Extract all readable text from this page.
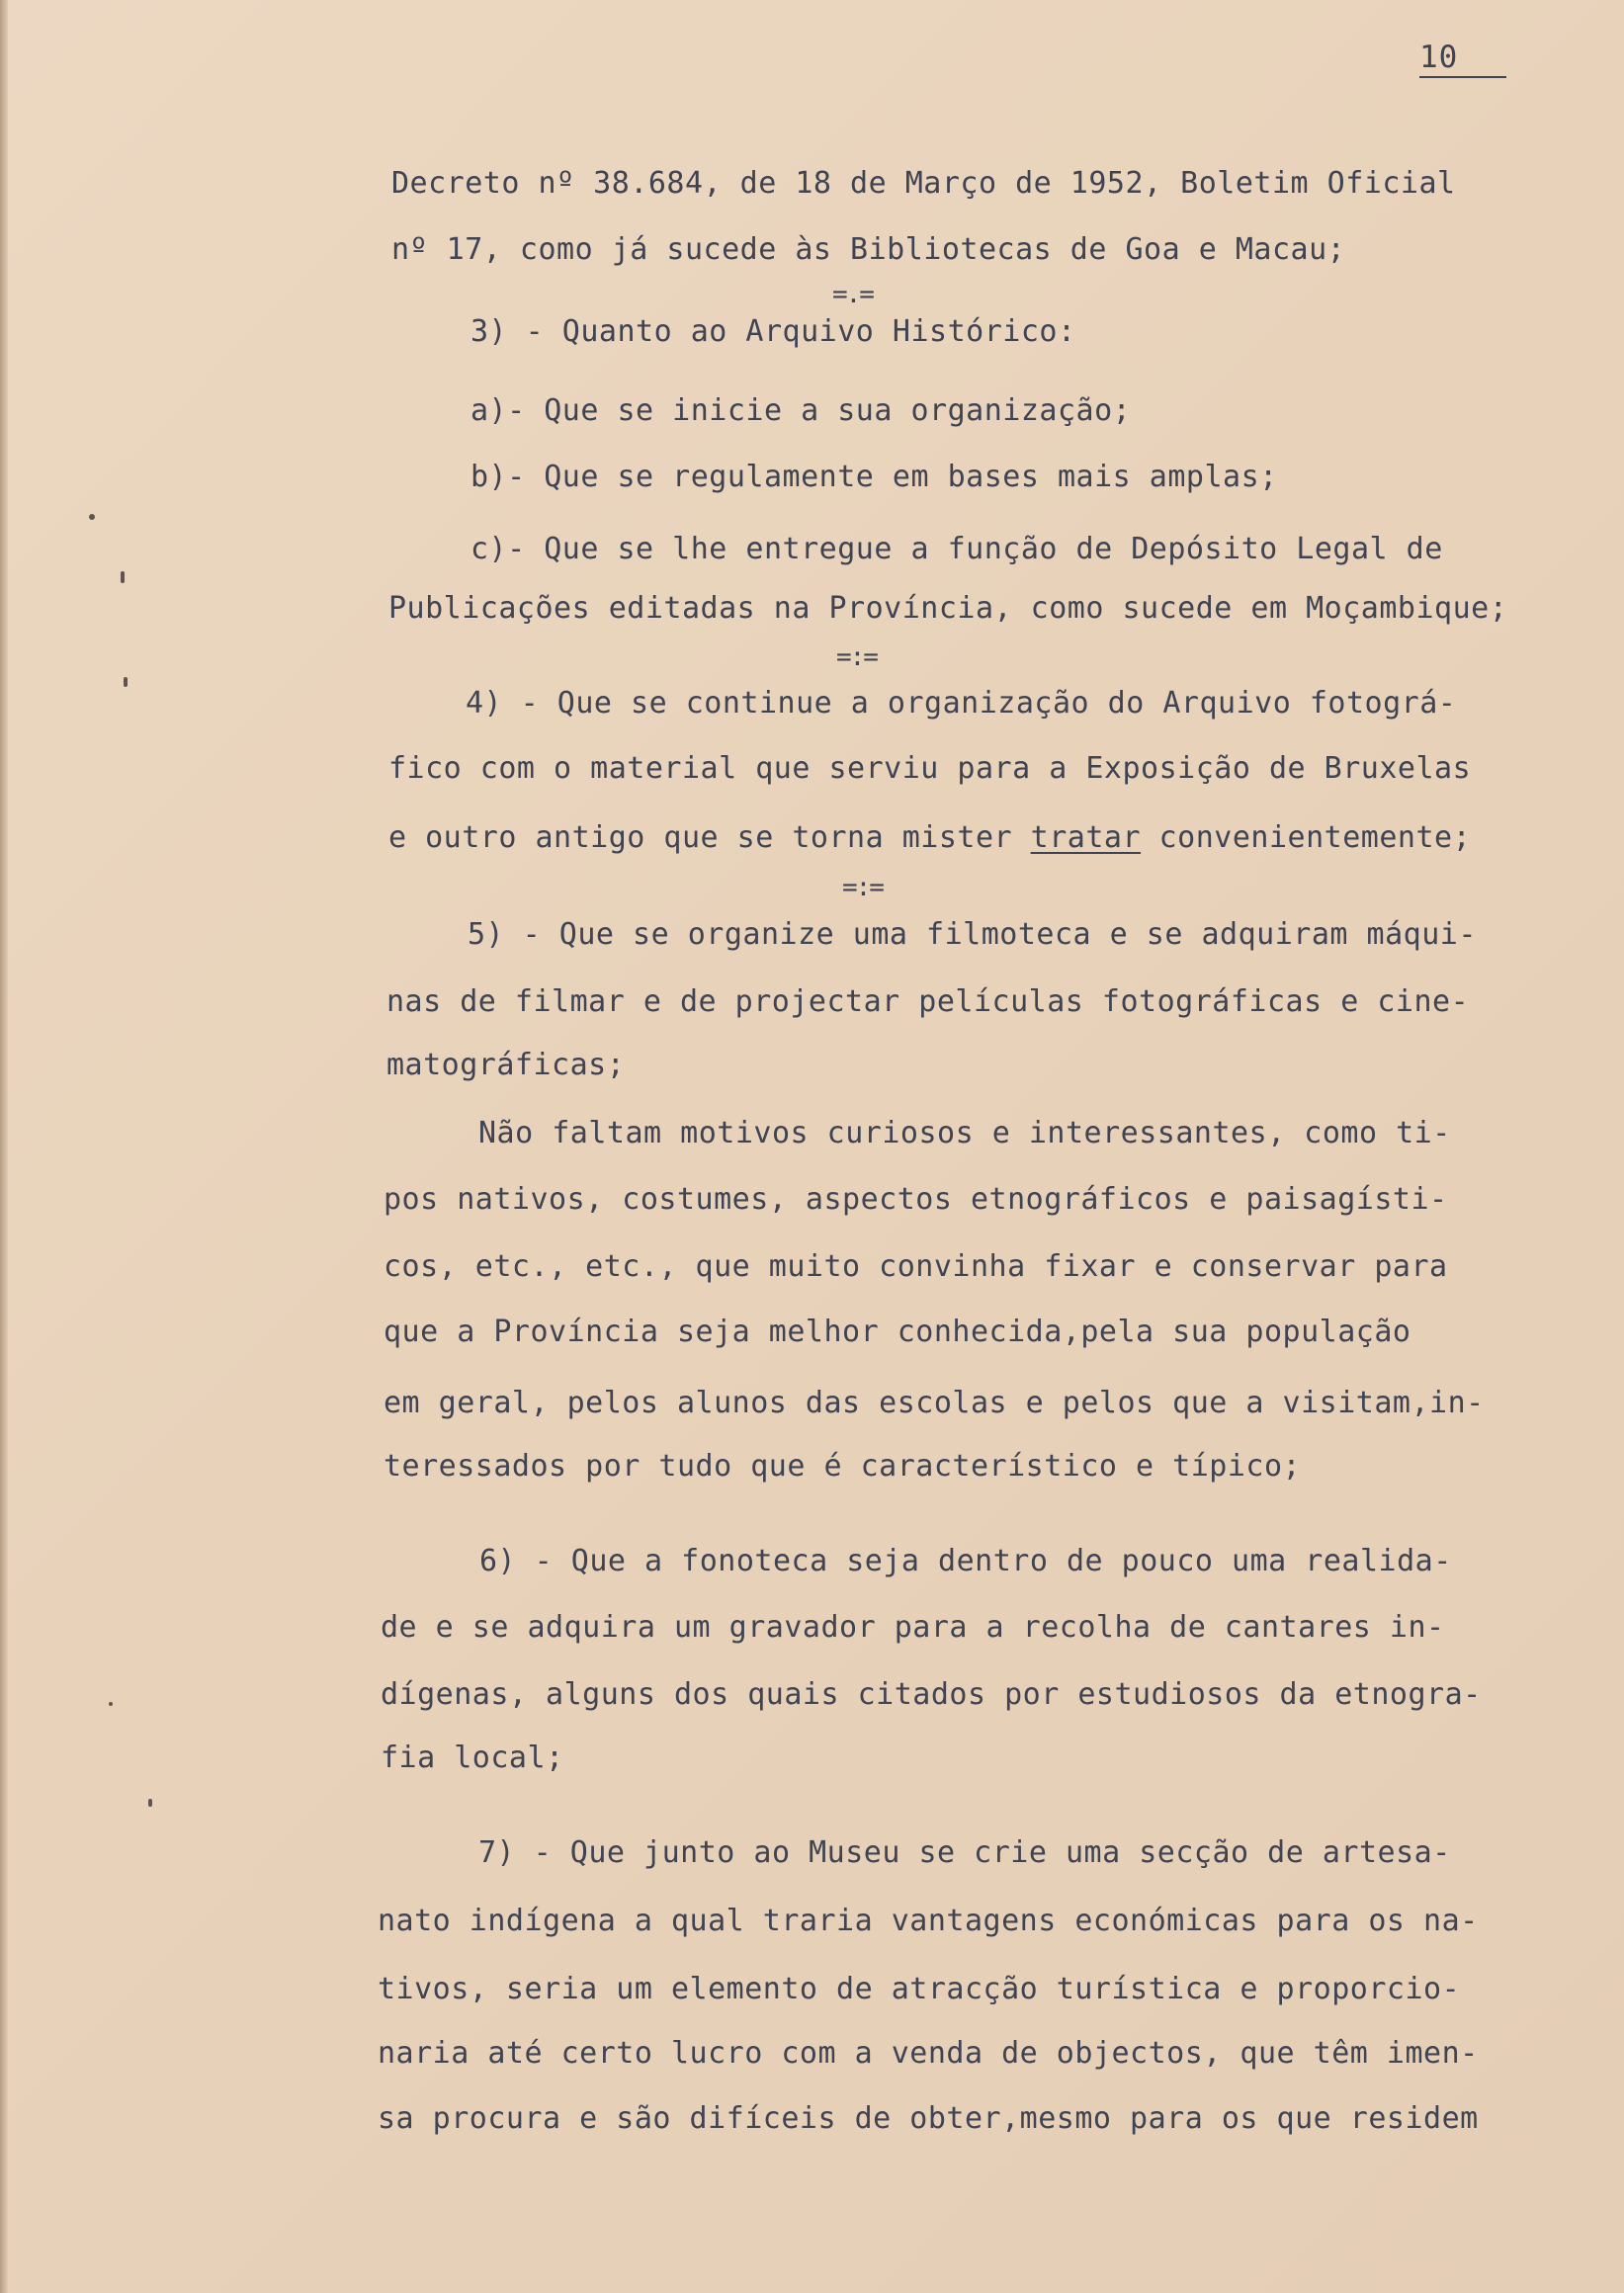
10

Decreto nº 38.684, de 18 de Março de 1952, Boletim Oficial

nº 17, como já sucede às Bibliotecas de Goa e Macau;

=.=

3) - Quanto ao Arquivo Histórico:

a)- Que se inicie a sua organização;

b)- Que se regulamente em bases mais amplas;

c)- Que se lhe entregue a função de Depósito Legal de

Publicações editadas na Província, como sucede em Moçambique;

=:=

4) - Que se continue a organização do Arquivo fotográ-

fico com o material que serviu para a Exposição de Bruxelas

e outro antigo que se torna mister tratar convenientemente;

=:=

5) - Que se organize uma filmoteca e se adquiram máqui-

nas de filmar e de projectar películas fotográficas e cine-

matográficas;

Não faltam motivos curiosos e interessantes, como ti-

pos nativos, costumes, aspectos etnográficos e paisagísti-

cos, etc., etc., que muito convinha fixar e conservar para

que a Província seja melhor conhecida,pela sua população

em geral, pelos alunos das escolas e pelos que a visitam,in-

teressados por tudo que é característico e típico;

6) - Que a fonoteca seja dentro de pouco uma realida-

de e se adquira um gravador para a recolha de cantares in-

dígenas, alguns dos quais citados por estudiosos da etnogra-

fia local;

7) - Que junto ao Museu se crie uma secção de artesa-

nato indígena a qual traria vantagens económicas para os na-

tivos, seria um elemento de atracção turística e proporcio-

naria até certo lucro com a venda de objectos, que têm imen-

sa procura e são difíceis de obter,mesmo para os que residem
